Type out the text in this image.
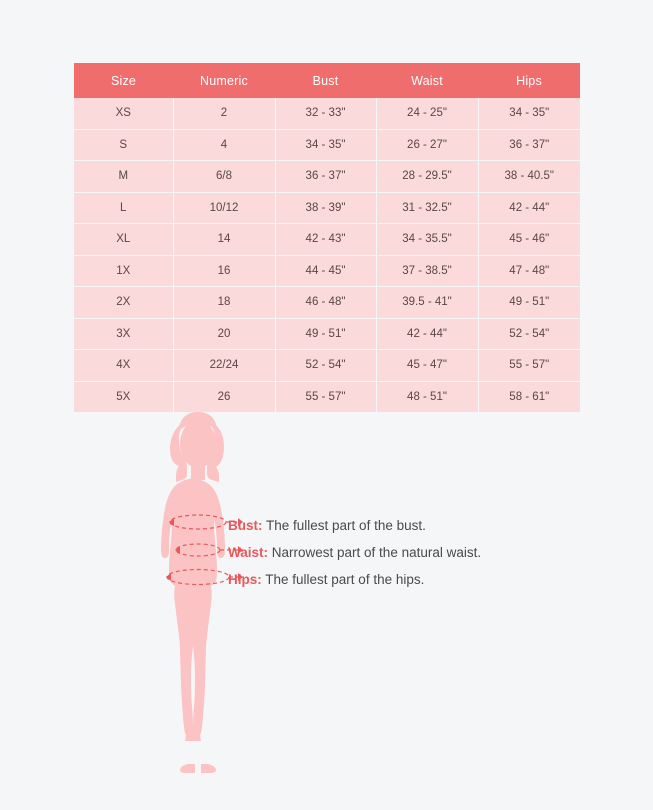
Size	Numeric	Bust	Waist	Hips
XS	2	32 - 33"	24 - 25"	34 - 35"
S	4	34 - 35"	26 - 27"	36 - 37"
M	6/8	36 - 37"	28 - 29.5"	38 - 40.5"
L	10/12	38 - 39"	31 - 32.5"	42 - 44"
XL	14	42 - 43"	34 - 35.5"	45 - 46"
1X	16	44 - 45"	37 - 38.5"	47 - 48"
2X	18	46 - 48"	39.5 - 41"	49 - 51"
3X	20	49 - 51"	42 - 44"	52 - 54"
4X	22/24	52 - 54"	45 - 47"	55 - 57"
5X	26	55 - 57"	48 - 51"	58 - 61"
Bust: The fullest part of the bust.
Waist: Narrowest part of the natural waist.
Hips: The fullest part of the hips.
